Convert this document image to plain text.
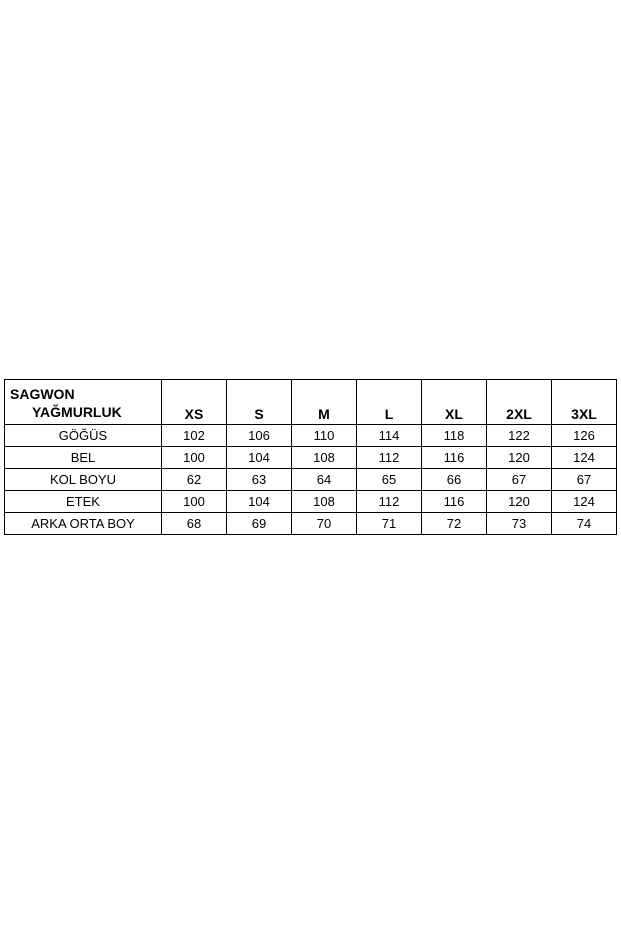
SAGWON
YAĞMURLUK	XS	S	M	L	XL	2XL	3XL
GÖĞÜS	102	106	110	114	118	122	126
BEL	100	104	108	112	116	120	124
KOL BOYU	62	63	64	65	66	67	67
ETEK	100	104	108	112	116	120	124
ARKA ORTA BOY	68	69	70	71	72	73	74
